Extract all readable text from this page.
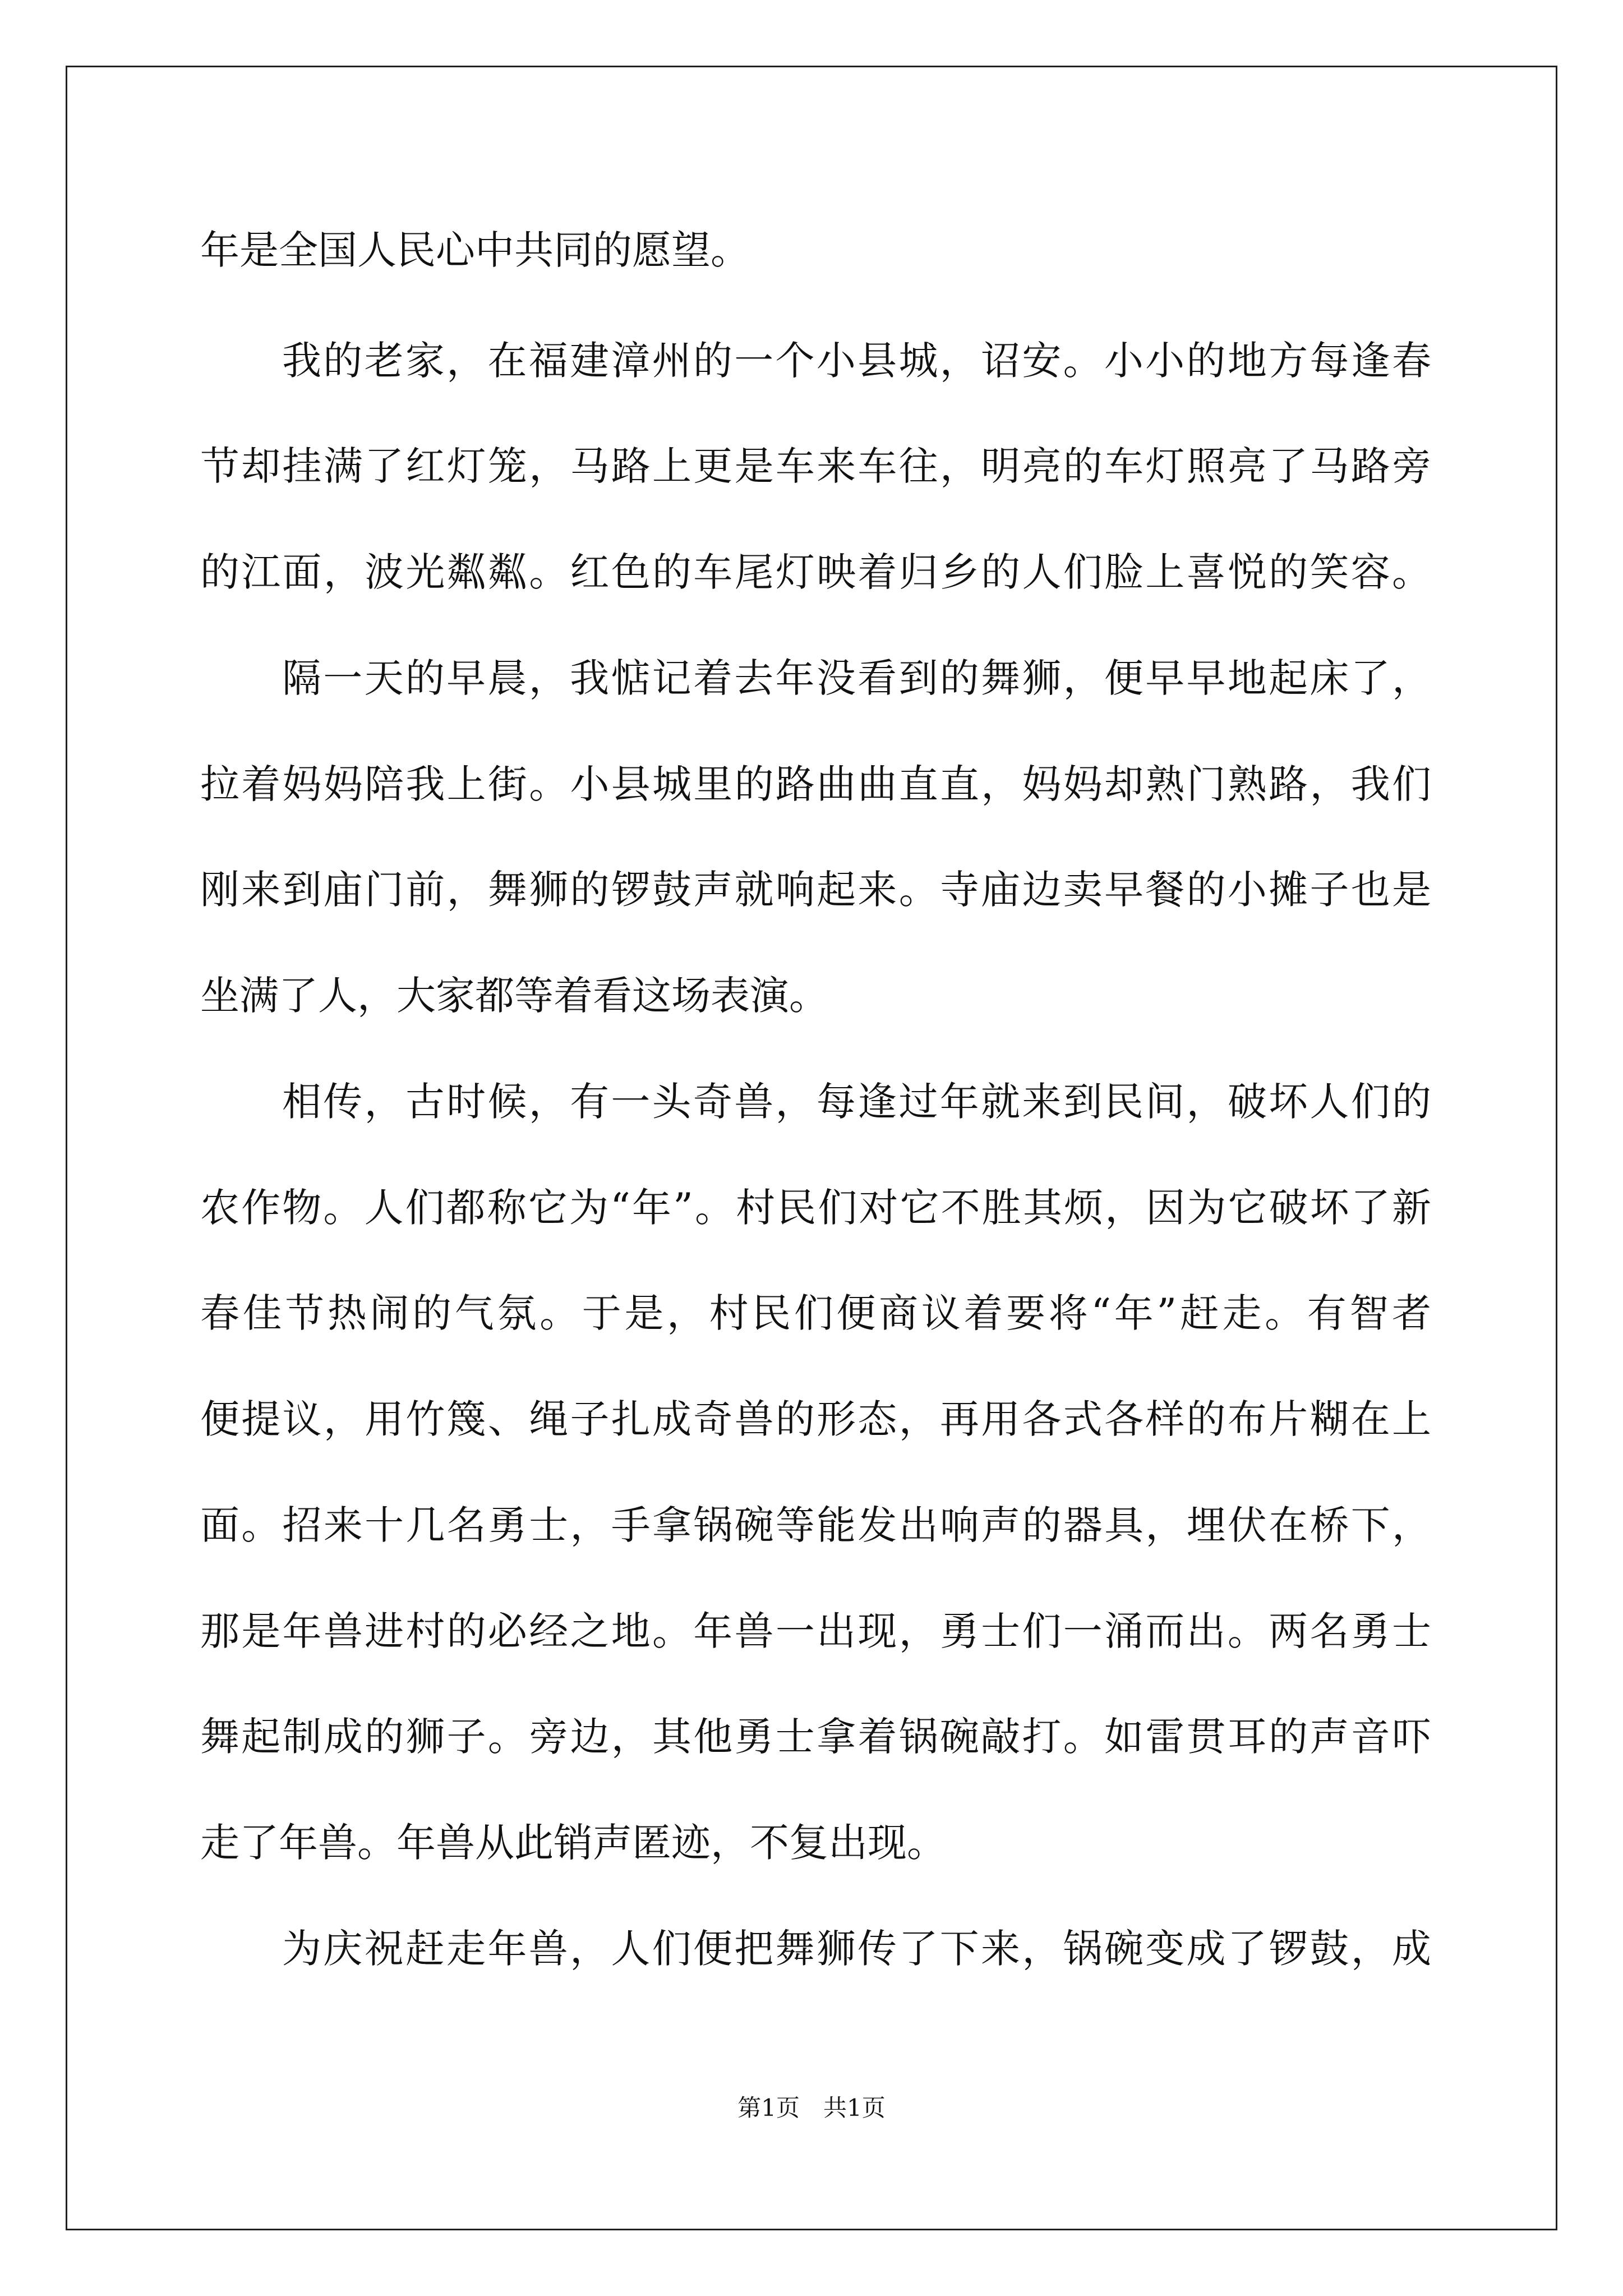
年是全国人民心中共同的愿望。
我的老家，在福建漳州的一个小县城，诏安。小小的地方每逢春
节却挂满了红灯笼，马路上更是车来车往，明亮的车灯照亮了马路旁
的江面，波光粼粼。红色的车尾灯映着归乡的人们脸上喜悦的笑容。
隔一天的早晨，我惦记着去年没看到的舞狮，便早早地起床了，
拉着妈妈陪我上街。小县城里的路曲曲直直，妈妈却熟门熟路，我们
刚来到庙门前，舞狮的锣鼓声就响起来。寺庙边卖早餐的小摊子也是
坐满了人，大家都等着看这场表演。
相传，古时候，有一头奇兽，每逢过年就来到民间，破坏人们的
农作物。人们都称它为“年”。村民们对它不胜其烦，因为它破坏了新
春佳节热闹的气氛。于是，村民们便商议着要将“年”赶走。有智者
便提议，用竹篾、绳子扎成奇兽的形态，再用各式各样的布片糊在上
面。招来十几名勇士，手拿锅碗等能发出响声的器具，埋伏在桥下，
那是年兽进村的必经之地。年兽一出现，勇士们一涌而出。两名勇士
舞起制成的狮子。旁边，其他勇士拿着锅碗敲打。如雷贯耳的声音吓
走了年兽。年兽从此销声匿迹，不复出现。
为庆祝赶走年兽，人们便把舞狮传了下来，锅碗变成了锣鼓，成
第1页　共1页
